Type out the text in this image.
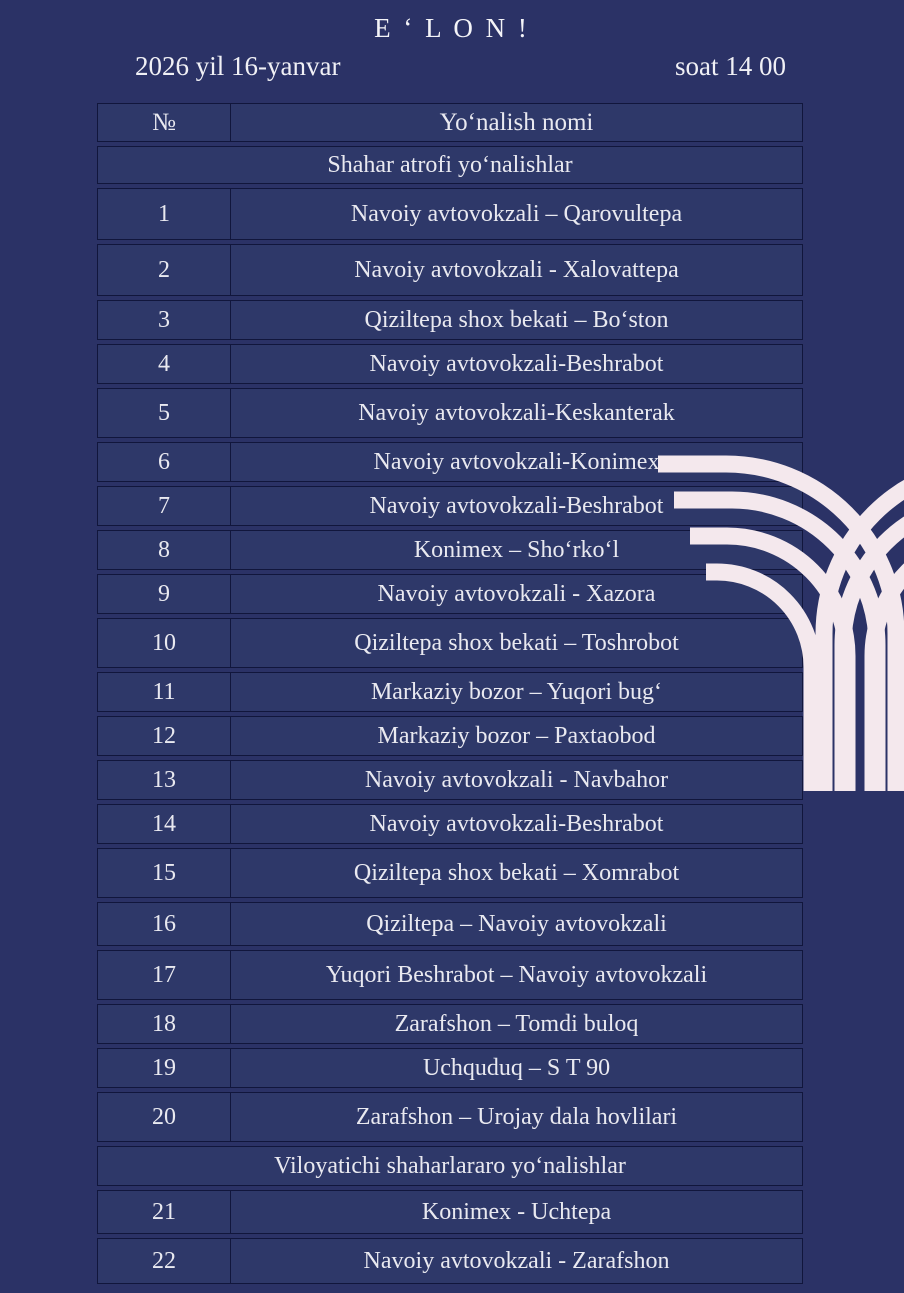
E ʻ L O N !
2026 yil 16-yanvar	soat 14 00
№	Yoʻnalish nomi
Shahar atrofi yoʻnalishlar
1	Navoiy avtovokzali – Qarovultepa
2	Navoiy avtovokzali - Xalovattepa
3	Qiziltepa shox bekati – Boʻston
4	Navoiy avtovokzali-Beshrabot
5	Navoiy avtovokzali-Keskanterak
6	Navoiy avtovokzali-Konimex
7	Navoiy avtovokzali-Beshrabot
8	Konimex – Shoʻrkoʻl
9	Navoiy avtovokzali - Xazora
10	Qiziltepa shox bekati – Toshrobot
11	Markaziy bozor – Yuqori bugʻ
12	Markaziy bozor – Paxtaobod
13	Navoiy avtovokzali - Navbahor
14	Navoiy avtovokzali-Beshrabot
15	Qiziltepa shox bekati – Xomrabot
16	Qiziltepa – Navoiy avtovokzali
17	Yuqori Beshrabot – Navoiy avtovokzali
18	Zarafshon – Tomdi buloq
19	Uchquduq – S T 90
20	Zarafshon – Urojay dala hovlilari
Viloyatichi shaharlararo yoʻnalishlar
21	Konimex - Uchtepa
22	Navoiy avtovokzali - Zarafshon
